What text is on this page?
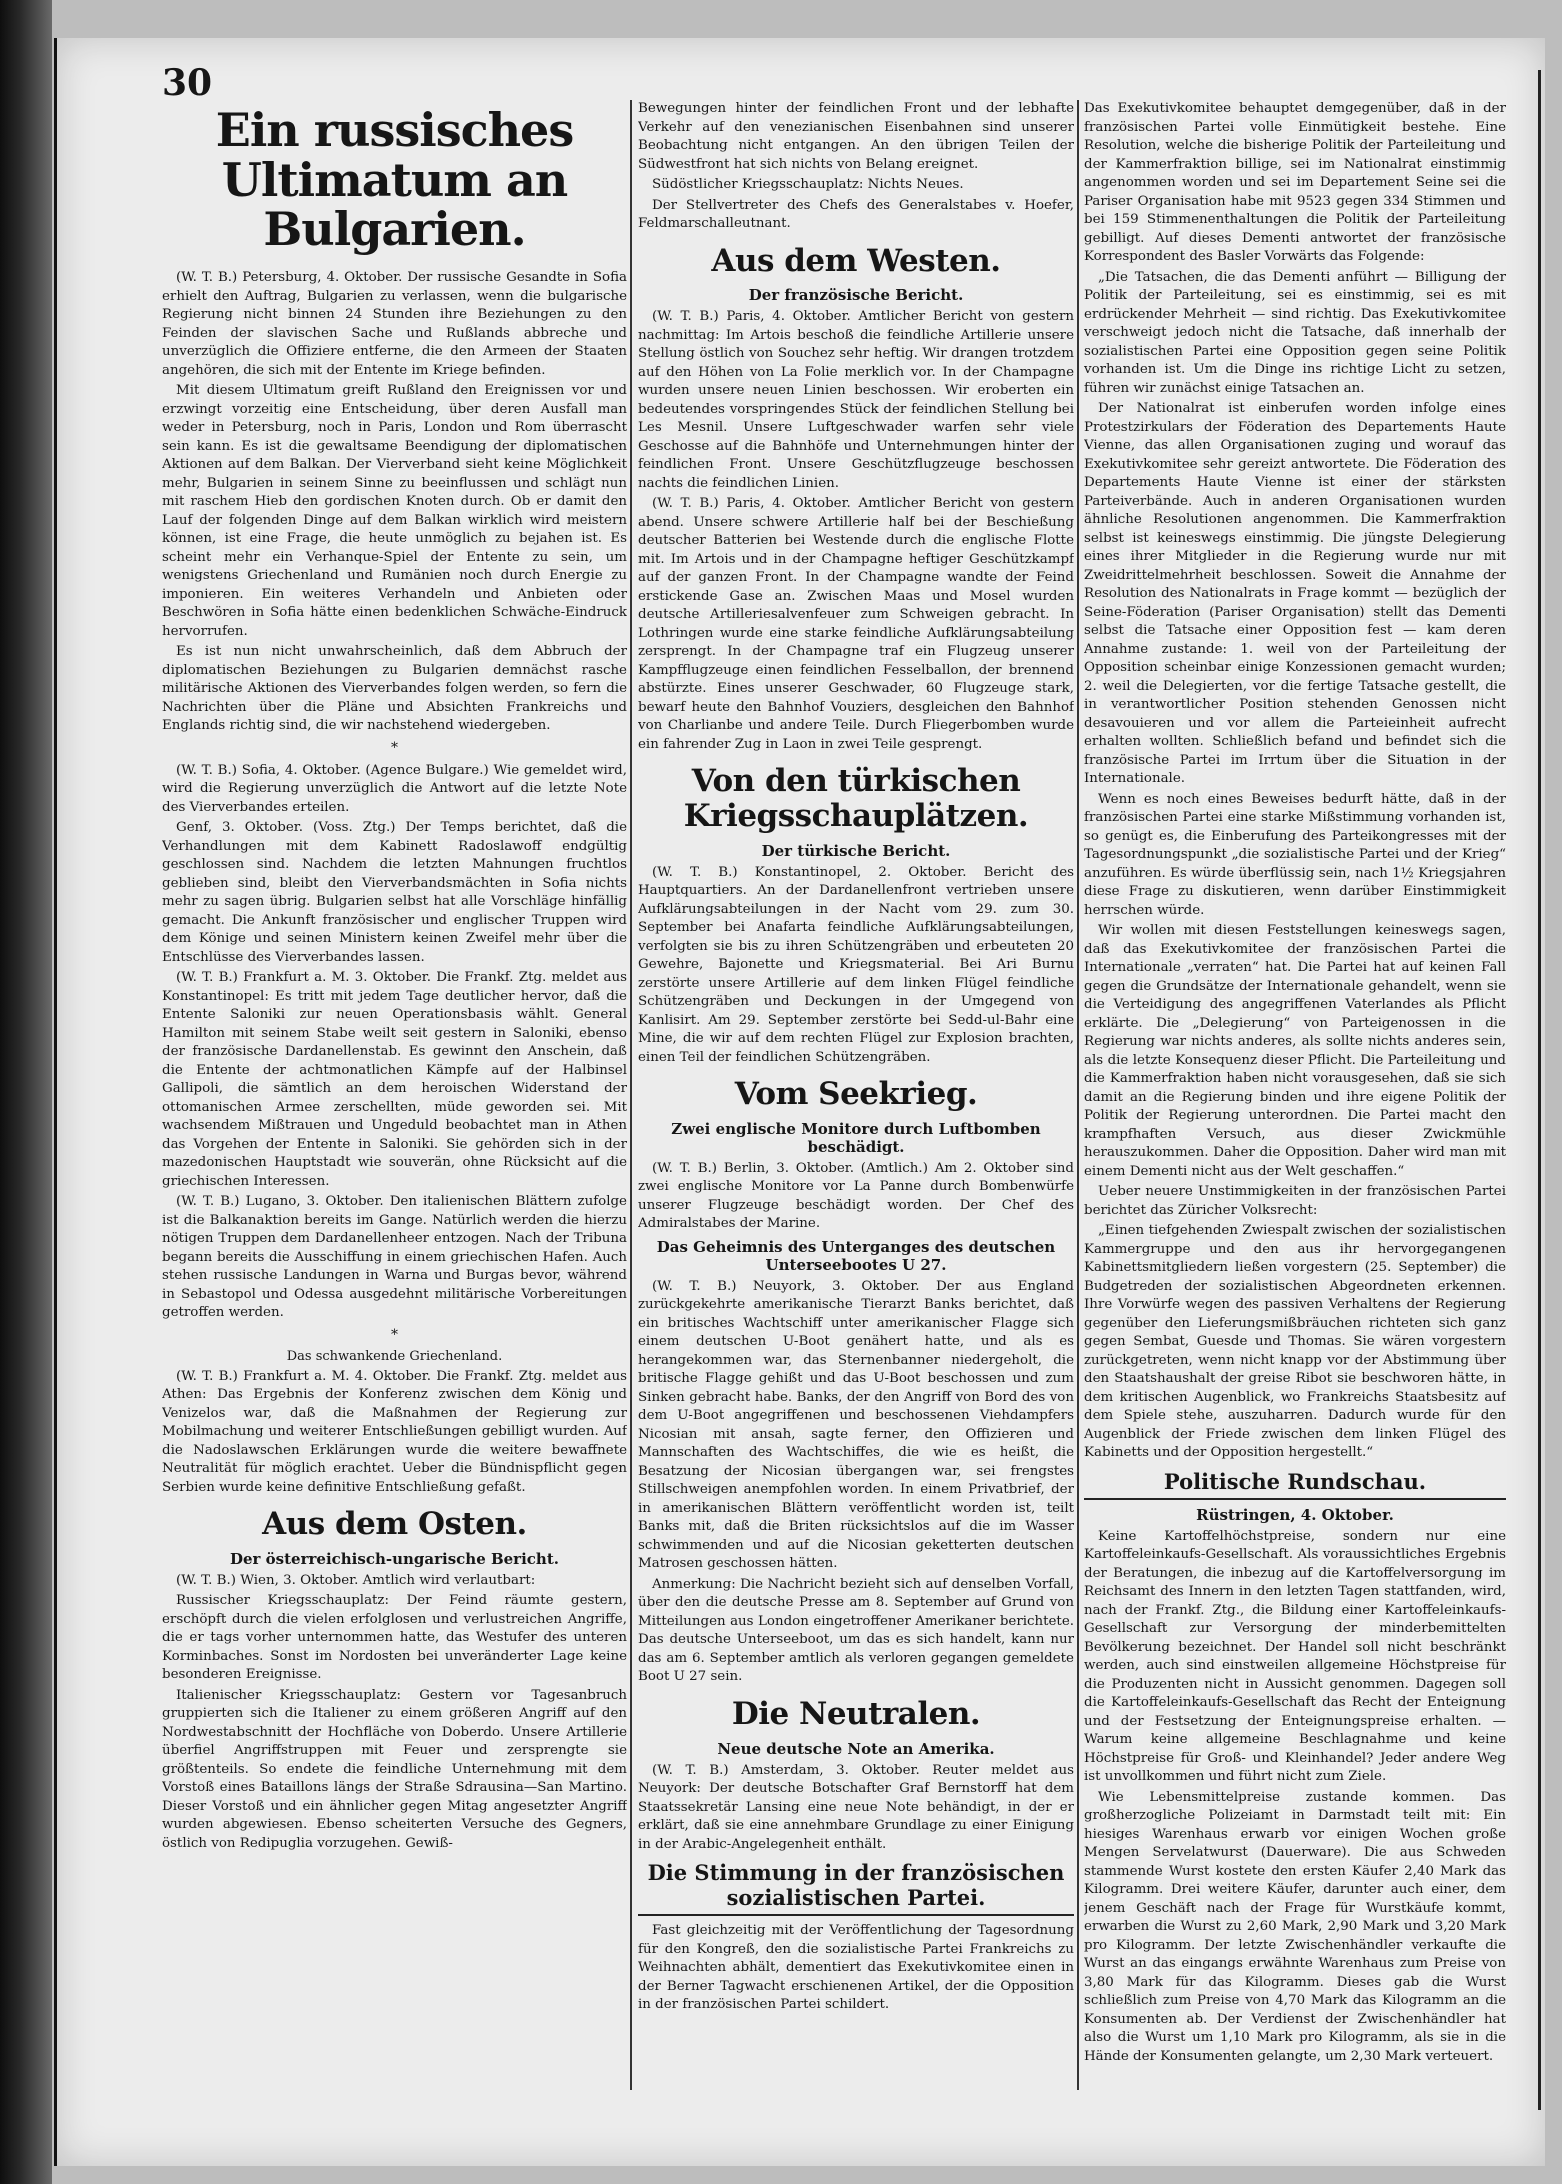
30
Ein russisches Ultimatum an Bulgarien.

(W. T. B.) Petersburg, 4. Oktober. Der russische Gesandte in Sofia erhielt den Auftrag, Bulgarien zu verlassen, wenn die bulgarische Regierung nicht binnen 24 Stunden ihre Beziehungen zu den Feinden der slavischen Sache und Rußlands abbreche und unverzüglich die Offiziere entferne, die den Armeen der Staaten angehören, die sich mit der Entente im Kriege befinden.

Mit diesem Ultimatum greift Rußland den Ereignissen vor und erzwingt vorzeitig eine Entscheidung, über deren Ausfall man weder in Petersburg, noch in Paris, London und Rom überrascht sein kann. Es ist die gewaltsame Beendigung der diplomatischen Aktionen auf dem Balkan. Der Vierverband sieht keine Möglichkeit mehr, Bulgarien in seinem Sinne zu beeinflussen und schlägt nun mit raschem Hieb den gordischen Knoten durch. Ob er damit den Lauf der folgenden Dinge auf dem Balkan wirklich wird meistern können, ist eine Frage, die heute unmöglich zu bejahen ist. Es scheint mehr ein Verhanque-Spiel der Entente zu sein, um wenigstens Griechenland und Rumänien noch durch Energie zu imponieren. Ein weiteres Verhandeln und Anbieten oder Beschwören in Sofia hätte einen bedenklichen Schwäche-Eindruck hervorrufen.

Es ist nun nicht unwahrscheinlich, daß dem Abbruch der diplomatischen Beziehungen zu Bulgarien demnächst rasche militärische Aktionen des Vierverbandes folgen werden, so fern die Nachrichten über die Pläne und Absichten Frankreichs und Englands richtig sind, die wir nachstehend wiedergeben.

*

(W. T. B.) Sofia, 4. Oktober. (Agence Bulgare.) Wie gemeldet wird, wird die Regierung unverzüglich die Antwort auf die letzte Note des Vierverbandes erteilen.

Genf, 3. Oktober. (Voss. Ztg.) Der Temps berichtet, daß die Verhandlungen mit dem Kabinett Radoslawoff endgültig geschlossen sind. Nachdem die letzten Mahnungen fruchtlos geblieben sind, bleibt den Vierverbandsmächten in Sofia nichts mehr zu sagen übrig. Bulgarien selbst hat alle Vorschläge hinfällig gemacht. Die Ankunft französischer und englischer Truppen wird dem Könige und seinen Ministern keinen Zweifel mehr über die Entschlüsse des Vierverbandes lassen.

(W. T. B.) Frankfurt a. M. 3. Oktober. Die Frankf. Ztg. meldet aus Konstantinopel: Es tritt mit jedem Tage deutlicher hervor, daß die Entente Saloniki zur neuen Operationsbasis wählt. General Hamilton mit seinem Stabe weilt seit gestern in Saloniki, ebenso der französische Dardanellenstab. Es gewinnt den Anschein, daß die Entente der achtmonatlichen Kämpfe auf der Halbinsel Gallipoli, die sämtlich an dem heroischen Widerstand der ottomanischen Armee zerschellten, müde geworden sei. Mit wachsendem Mißtrauen und Ungeduld beobachtet man in Athen das Vorgehen der Entente in Saloniki. Sie gehörden sich in der mazedonischen Hauptstadt wie souverän, ohne Rücksicht auf die griechischen Interessen.

(W. T. B.) Lugano, 3. Oktober. Den italienischen Blättern zufolge ist die Balkanaktion bereits im Gange. Natürlich werden die hierzu nötigen Truppen dem Dardanellenheer entzogen. Nach der Tribuna begann bereits die Ausschiffung in einem griechischen Hafen. Auch stehen russische Landungen in Warna und Burgas bevor, während in Sebastopol und Odessa ausgedehnt militärische Vorbereitungen getroffen werden.

*
Das schwankende Griechenland.

(W. T. B.) Frankfurt a. M. 4. Oktober. Die Frankf. Ztg. meldet aus Athen: Das Ergebnis der Konferenz zwischen dem König und Venizelos war, daß die Maßnahmen der Regierung zur Mobilmachung und weiterer Entschließungen gebilligt wurden. Auf die Nadoslawschen Erklärungen wurde die weitere bewaffnete Neutralität für möglich erachtet. Ueber die Bündnispflicht gegen Serbien wurde keine definitive Entschließung gefaßt.

Aus dem Osten.
Der österreichisch-ungarische Bericht.

(W. T. B.) Wien, 3. Oktober. Amtlich wird verlautbart:

Russischer Kriegsschauplatz: Der Feind räumte gestern, erschöpft durch die vielen erfolglosen und verlustreichen Angriffe, die er tags vorher unternommen hatte, das Westufer des unteren Korminbaches. Sonst im Nordosten bei unveränderter Lage keine besonderen Ereignisse.

Italienischer Kriegsschauplatz: Gestern vor Tagesanbruch gruppierten sich die Italiener zu einem größeren Angriff auf den Nordwestabschnitt der Hochfläche von Doberdo. Unsere Artillerie überfiel Angriffstruppen mit Feuer und zersprengte sie größtenteils. So endete die feindliche Unternehmung mit dem Vorstoß eines Bataillons längs der Straße Sdrausina—San Martino. Dieser Vorstoß und ein ähnlicher gegen Mitag angesetzter Angriff wurden abgewiesen. Ebenso scheiterten Versuche des Gegners, östlich von Redipuglia vorzugehen. Gewiß-

Bewegungen hinter der feindlichen Front und der lebhafte Verkehr auf den venezianischen Eisenbahnen sind unserer Beobachtung nicht entgangen. An den übrigen Teilen der Südwestfront hat sich nichts von Belang ereignet.

Südöstlicher Kriegsschauplatz: Nichts Neues.

Der Stellvertreter des Chefs des Generalstabes v. Hoefer, Feldmarschalleutnant.

Aus dem Westen.
Der französische Bericht.

(W. T. B.) Paris, 4. Oktober. Amtlicher Bericht von gestern nachmittag: Im Artois beschoß die feindliche Artillerie unsere Stellung östlich von Souchez sehr heftig. Wir drangen trotzdem auf den Höhen von La Folie merklich vor. In der Champagne wurden unsere neuen Linien beschossen. Wir eroberten ein bedeutendes vorspringendes Stück der feindlichen Stellung bei Les Mesnil. Unsere Luftgeschwader warfen sehr viele Geschosse auf die Bahnhöfe und Unternehmungen hinter der feindlichen Front. Unsere Geschützflugzeuge beschossen nachts die feindlichen Linien.

(W. T. B.) Paris, 4. Oktober. Amtlicher Bericht von gestern abend. Unsere schwere Artillerie half bei der Beschießung deutscher Batterien bei Westende durch die englische Flotte mit. Im Artois und in der Champagne heftiger Geschützkampf auf der ganzen Front. In der Champagne wandte der Feind erstickende Gase an. Zwischen Maas und Mosel wurden deutsche Artilleriesalvenfeuer zum Schweigen gebracht. In Lothringen wurde eine starke feindliche Aufklärungsabteilung zersprengt. In der Champagne traf ein Flugzeug unserer Kampfflugzeuge einen feindlichen Fesselballon, der brennend abstürzte. Eines unserer Geschwader, 60 Flugzeuge stark, bewarf heute den Bahnhof Vouziers, desgleichen den Bahnhof von Charlianbe und andere Teile. Durch Fliegerbomben wurde ein fahrender Zug in Laon in zwei Teile gesprengt.

Von den türkischen Kriegsschauplätzen.
Der türkische Bericht.

(W. T. B.) Konstantinopel, 2. Oktober. Bericht des Hauptquartiers. An der Dardanellenfront vertrieben unsere Aufklärungsabteilungen in der Nacht vom 29. zum 30. September bei Anafarta feindliche Aufklärungsabteilungen, verfolgten sie bis zu ihren Schützengräben und erbeuteten 20 Gewehre, Bajonette und Kriegsmaterial. Bei Ari Burnu zerstörte unsere Artillerie auf dem linken Flügel feindliche Schützengräben und Deckungen in der Umgegend von Kanlisirt. Am 29. September zerstörte bei Sedd-ul-Bahr eine Mine, die wir auf dem rechten Flügel zur Explosion brachten, einen Teil der feindlichen Schützengräben.

Vom Seekrieg.
Zwei englische Monitore durch Luftbomben beschädigt.

(W. T. B.) Berlin, 3. Oktober. (Amtlich.) Am 2. Oktober sind zwei englische Monitore vor La Panne durch Bombenwürfe unserer Flugzeuge beschädigt worden. Der Chef des Admiralstabes der Marine.

Das Geheimnis des Unterganges des deutschen Unterseebootes U 27.

(W. T. B.) Neuyork, 3. Oktober. Der aus England zurückgekehrte amerikanische Tierarzt Banks berichtet, daß ein britisches Wachtschiff unter amerikanischer Flagge sich einem deutschen U-Boot genähert hatte, und als es herangekommen war, das Sternenbanner niedergeholt, die britische Flagge gehißt und das U-Boot beschossen und zum Sinken gebracht habe. Banks, der den Angriff von Bord des von dem U-Boot angegriffenen und beschossenen Viehdampfers Nicosian mit ansah, sagte ferner, den Offizieren und Mannschaften des Wachtschiffes, die wie es heißt, die Besatzung der Nicosian übergangen war, sei frengstes Stillschweigen anempfohlen worden. In einem Privatbrief, der in amerikanischen Blättern veröffentlicht worden ist, teilt Banks mit, daß die Briten rücksichtslos auf die im Wasser schwimmenden und auf die Nicosian geketterten deutschen Matrosen geschossen hätten.

Anmerkung: Die Nachricht bezieht sich auf denselben Vorfall, über den die deutsche Presse am 8. September auf Grund von Mitteilungen aus London eingetroffener Amerikaner berichtete. Das deutsche Unterseeboot, um das es sich handelt, kann nur das am 6. September amtlich als verloren gegangen gemeldete Boot U 27 sein.

Die Neutralen.
Neue deutsche Note an Amerika.

(W. T. B.) Amsterdam, 3. Oktober. Reuter meldet aus Neuyork: Der deutsche Botschafter Graf Bernstorff hat dem Staatssekretär Lansing eine neue Note behändigt, in der er erklärt, daß sie eine annehmbare Grundlage zu einer Einigung in der Arabic-Angelegenheit enthält.

Die Stimmung in der französischen sozialistischen Partei.

Fast gleichzeitig mit der Veröffentlichung der Tagesordnung für den Kongreß, den die sozialistische Partei Frankreichs zu Weihnachten abhält, dementiert das Exekutivkomitee einen in der Berner Tagwacht erschienenen Artikel, der die Opposition in der französischen Partei schildert.

Das Exekutivkomitee behauptet demgegenüber, daß in der französischen Partei volle Einmütigkeit bestehe. Eine Resolution, welche die bisherige Politik der Parteileitung und der Kammerfraktion billige, sei im Nationalrat einstimmig angenommen worden und sei im Departement Seine sei die Pariser Organisation habe mit 9523 gegen 334 Stimmen und bei 159 Stimmenenthaltungen die Politik der Parteileitung gebilligt. Auf dieses Dementi antwortet der französische Korrespondent des Basler Vorwärts das Folgende:

„Die Tatsachen, die das Dementi anführt — Billigung der Politik der Parteileitung, sei es einstimmig, sei es mit erdrückender Mehrheit — sind richtig. Das Exekutivkomitee verschweigt jedoch nicht die Tatsache, daß innerhalb der sozialistischen Partei eine Opposition gegen seine Politik vorhanden ist. Um die Dinge ins richtige Licht zu setzen, führen wir zunächst einige Tatsachen an.

Der Nationalrat ist einberufen worden infolge eines Protestzirkulars der Föderation des Departements Haute Vienne, das allen Organisationen zuging und worauf das Exekutivkomitee sehr gereizt antwortete. Die Föderation des Departements Haute Vienne ist einer der stärksten Parteiverbände. Auch in anderen Organisationen wurden ähnliche Resolutionen angenommen. Die Kammerfraktion selbst ist keineswegs einstimmig. Die jüngste Delegierung eines ihrer Mitglieder in die Regierung wurde nur mit Zweidrittelmehrheit beschlossen. Soweit die Annahme der Resolution des Nationalrats in Frage kommt — bezüglich der Seine-Föderation (Pariser Organisation) stellt das Dementi selbst die Tatsache einer Opposition fest — kam deren Annahme zustande: 1. weil von der Parteileitung der Opposition scheinbar einige Konzessionen gemacht wurden; 2. weil die Delegierten, vor die fertige Tatsache gestellt, die in verantwortlicher Position stehenden Genossen nicht desavouieren und vor allem die Parteieinheit aufrecht erhalten wollten. Schließlich befand und befindet sich die französische Partei im Irrtum über die Situation in der Internationale.

Wenn es noch eines Beweises bedurft hätte, daß in der französischen Partei eine starke Mißstimmung vorhanden ist, so genügt es, die Einberufung des Parteikongresses mit der Tagesordnungspunkt „die sozialistische Partei und der Krieg“ anzuführen. Es würde überflüssig sein, nach 1½ Kriegsjahren diese Frage zu diskutieren, wenn darüber Einstimmigkeit herrschen würde.

Wir wollen mit diesen Feststellungen keineswegs sagen, daß das Exekutivkomitee der französischen Partei die Internationale „verraten“ hat. Die Partei hat auf keinen Fall gegen die Grundsätze der Internationale gehandelt, wenn sie die Verteidigung des angegriffenen Vaterlandes als Pflicht erklärte. Die „Delegierung“ von Parteigenossen in die Regierung war nichts anderes, als sollte nichts anderes sein, als die letzte Konsequenz dieser Pflicht. Die Parteileitung und die Kammerfraktion haben nicht vorausgesehen, daß sie sich damit an die Regierung binden und ihre eigene Politik der Politik der Regierung unterordnen. Die Partei macht den krampfhaften Versuch, aus dieser Zwickmühle herauszukommen. Daher die Opposition. Daher wird man mit einem Dementi nicht aus der Welt geschaffen.“

Ueber neuere Unstimmigkeiten in der französischen Partei berichtet das Züricher Volksrecht:

„Einen tiefgehenden Zwiespalt zwischen der sozialistischen Kammergruppe und den aus ihr hervorgegangenen Kabinettsmitgliedern ließen vorgestern (25. September) die Budgetreden der sozialistischen Abgeordneten erkennen. Ihre Vorwürfe wegen des passiven Verhaltens der Regierung gegenüber den Lieferungsmißbräuchen richteten sich ganz gegen Sembat, Guesde und Thomas. Sie wären vorgestern zurückgetreten, wenn nicht knapp vor der Abstimmung über den Staatshaushalt der greise Ribot sie beschworen hätte, in dem kritischen Augenblick, wo Frankreichs Staatsbesitz auf dem Spiele stehe, auszuharren. Dadurch wurde für den Augenblick der Friede zwischen dem linken Flügel des Kabinetts und der Opposition hergestellt.“

Politische Rundschau.
Rüstringen, 4. Oktober.

Keine Kartoffelhöchstpreise, sondern nur eine Kartoffeleinkaufs-Gesellschaft. Als voraussichtliches Ergebnis der Beratungen, die inbezug auf die Kartoffelversorgung im Reichsamt des Innern in den letzten Tagen stattfanden, wird, nach der Frankf. Ztg., die Bildung einer Kartoffeleinkaufs-Gesellschaft zur Versorgung der minderbemittelten Bevölkerung bezeichnet. Der Handel soll nicht beschränkt werden, auch sind einstweilen allgemeine Höchstpreise für die Produzenten nicht in Aussicht genommen. Dagegen soll die Kartoffeleinkaufs-Gesellschaft das Recht der Enteignung und der Festsetzung der Enteignungspreise erhalten. — Warum keine allgemeine Beschlagnahme und keine Höchstpreise für Groß- und Kleinhandel? Jeder andere Weg ist unvollkommen und führt nicht zum Ziele.

Wie Lebensmittelpreise zustande kommen. Das großherzogliche Polizeiamt in Darmstadt teilt mit: Ein hiesiges Warenhaus erwarb vor einigen Wochen große Mengen Servelatwurst (Dauerware). Die aus Schweden stammende Wurst kostete den ersten Käufer 2,40 Mark das Kilogramm. Drei weitere Käufer, darunter auch einer, dem jenem Geschäft nach der Frage für Wurstkäufe kommt, erwarben die Wurst zu 2,60 Mark, 2,90 Mark und 3,20 Mark pro Kilogramm. Der letzte Zwischenhändler verkaufte die Wurst an das eingangs erwähnte Warenhaus zum Preise von 3,80 Mark für das Kilogramm. Dieses gab die Wurst schließlich zum Preise von 4,70 Mark das Kilogramm an die Konsumenten ab. Der Verdienst der Zwischenhändler hat also die Wurst um 1,10 Mark pro Kilogramm, als sie in die Hände der Konsumenten gelangte, um 2,30 Mark verteuert.
